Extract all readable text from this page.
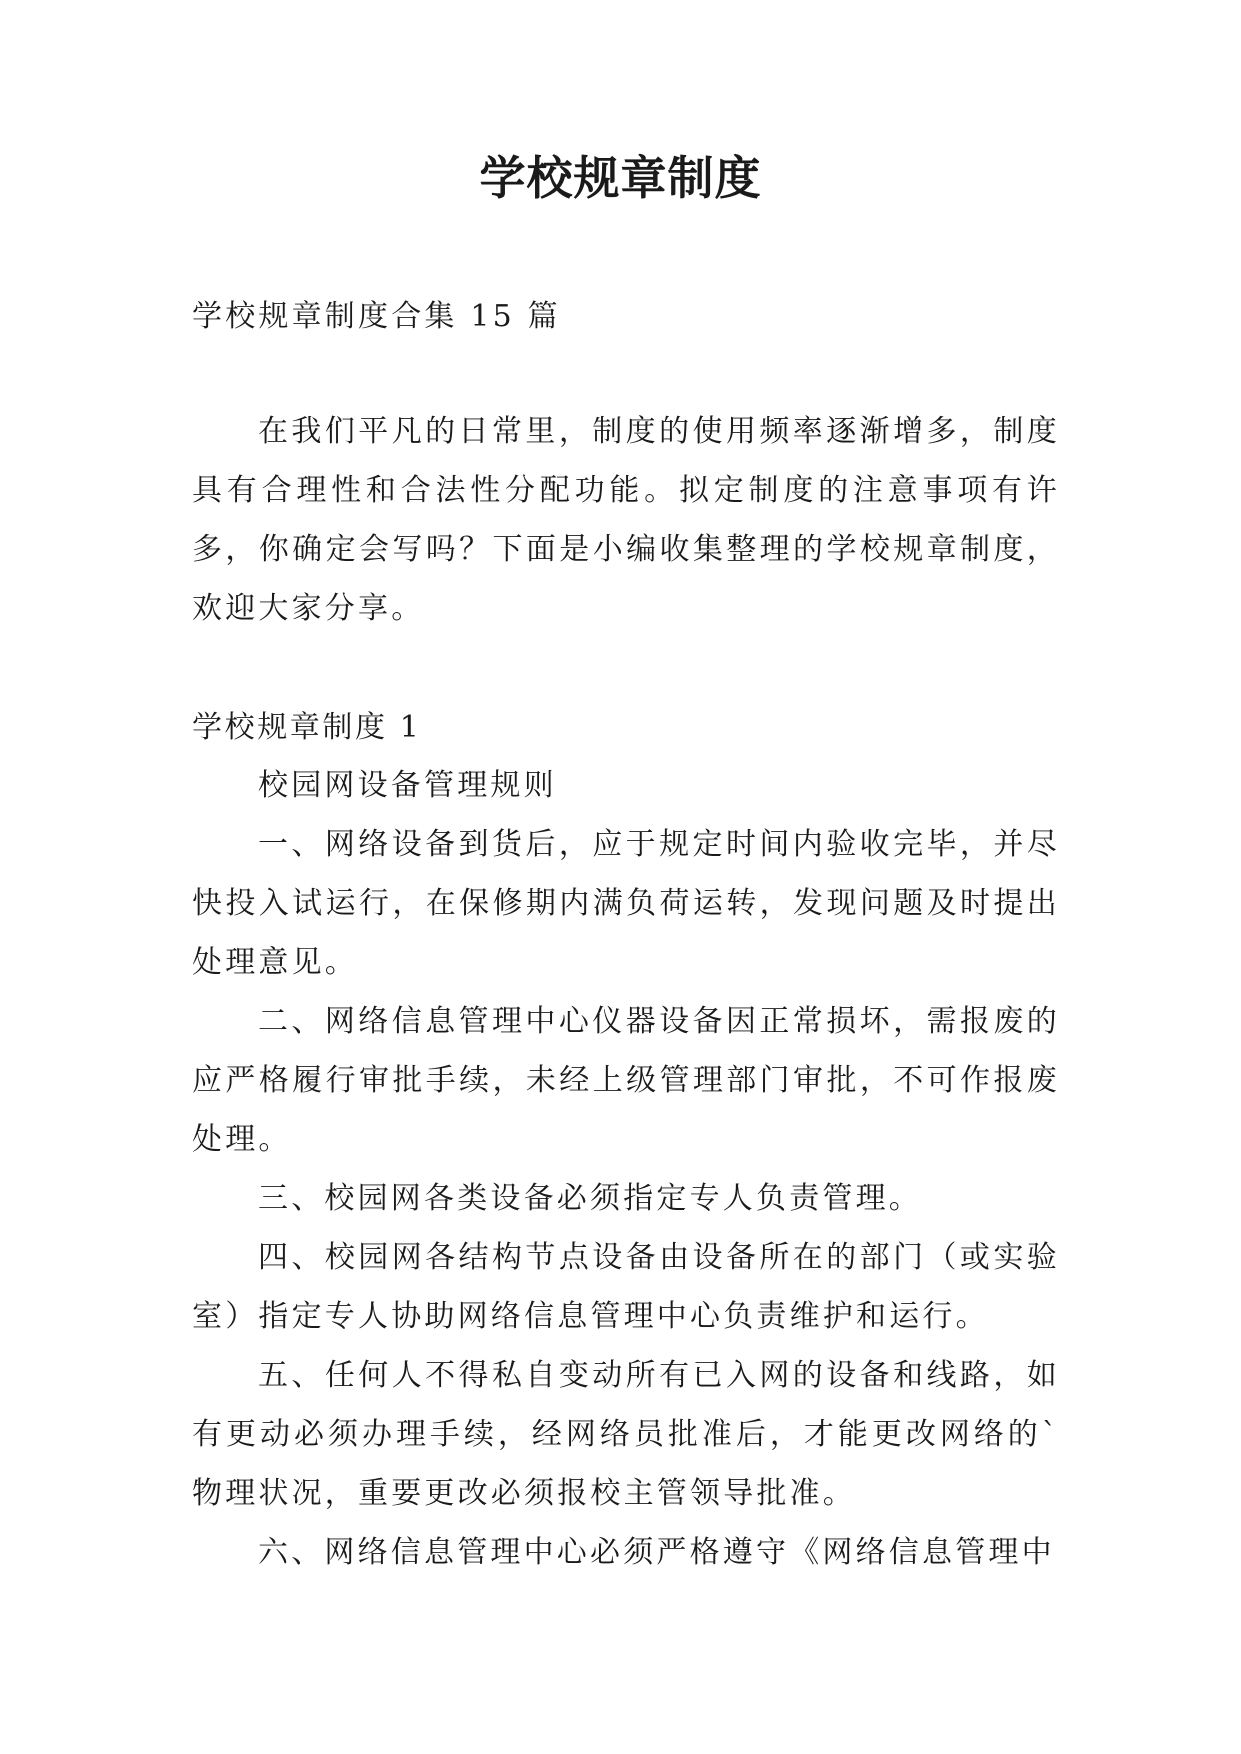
学校规章制度

学校规章制度合集 15 篇

在我们平凡的日常里，制度的使用频率逐渐增多，制度具有合理性和合法性分配功能。拟定制度的注意事项有许多，你确定会写吗？下面是小编收集整理的学校规章制度，欢迎大家分享。

学校规章制度 1

校园网设备管理规则

一、网络设备到货后，应于规定时间内验收完毕，并尽快投入试运行，在保修期内满负荷运转，发现问题及时提出处理意见。

二、网络信息管理中心仪器设备因正常损坏，需报废的应严格履行审批手续，未经上级管理部门审批，不可作报废处理。

三、校园网各类设备必须指定专人负责管理。

四、校园网各结构节点设备由设备所在的部门（或实验室）指定专人协助网络信息管理中心负责维护和运行。

五、任何人不得私自变动所有已入网的设备和线路，如有更动必须办理手续，经网络员批准后，才能更改网络的`物理状况，重要更改必须报校主管领导批准。

六、网络信息管理中心必须严格遵守《网络信息管理中
